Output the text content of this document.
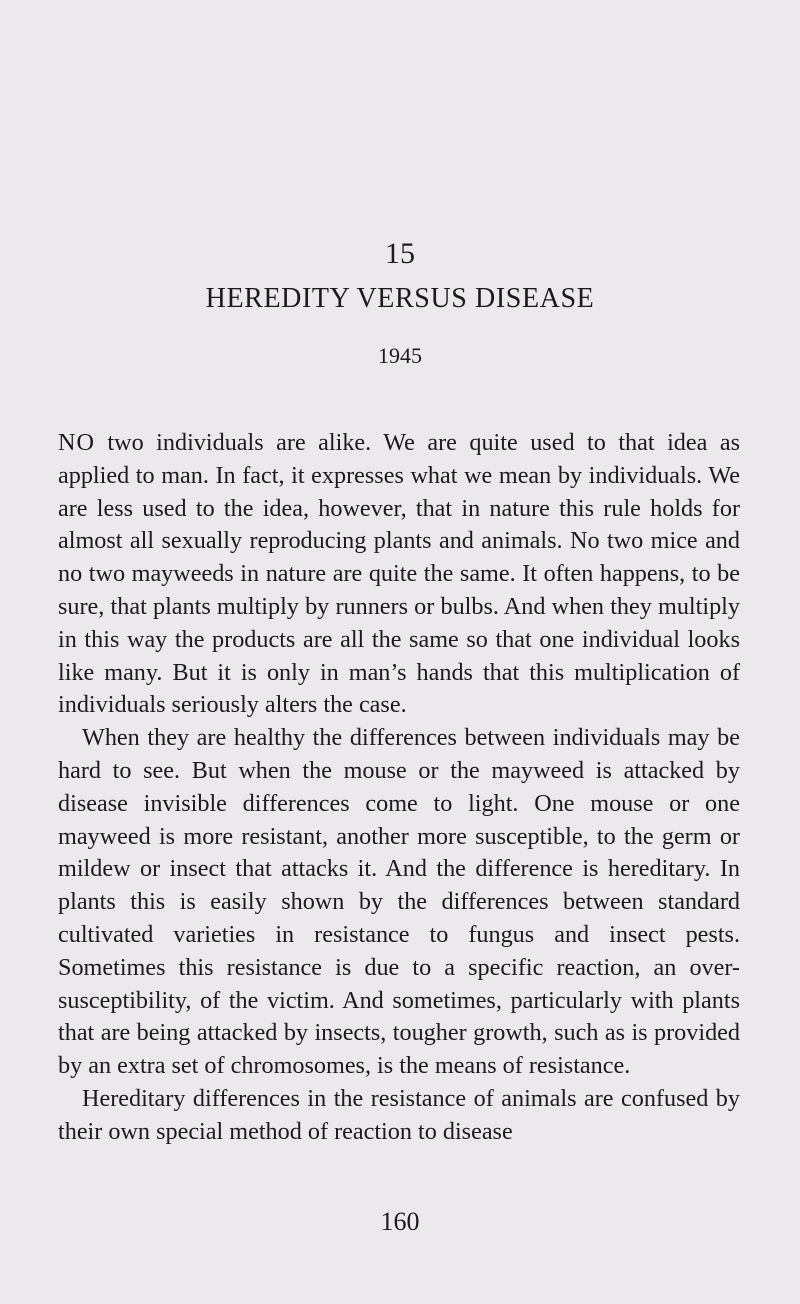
15
HEREDITY VERSUS DISEASE
1945

NO two individuals are alike. We are quite used to that idea as applied to man. In fact, it expresses what we mean by individuals. We are less used to the idea, however, that in nature this rule holds for almost all sexually reproducing plants and animals. No two mice and no two mayweeds in nature are quite the same. It often happens, to be sure, that plants multiply by runners or bulbs. And when they multiply in this way the products are all the same so that one individual looks like many. But it is only in man’s hands that this multiplication of individuals seriously alters the case.

When they are healthy the differences between individuals may be hard to see. But when the mouse or the mayweed is attacked by disease invisible differences come to light. One mouse or one mayweed is more resistant, another more susceptible, to the germ or mildew or insect that attacks it. And the difference is hereditary. In plants this is easily shown by the differences between standard cultivated varieties in resistance to fungus and insect pests. Sometimes this resistance is due to a specific reaction, an over-susceptibility, of the victim. And sometimes, particularly with plants that are being attacked by insects, tougher growth, such as is provided by an extra set of chromosomes, is the means of resistance.

Hereditary differences in the resistance of animals are confused by their own special method of reaction to disease

160
